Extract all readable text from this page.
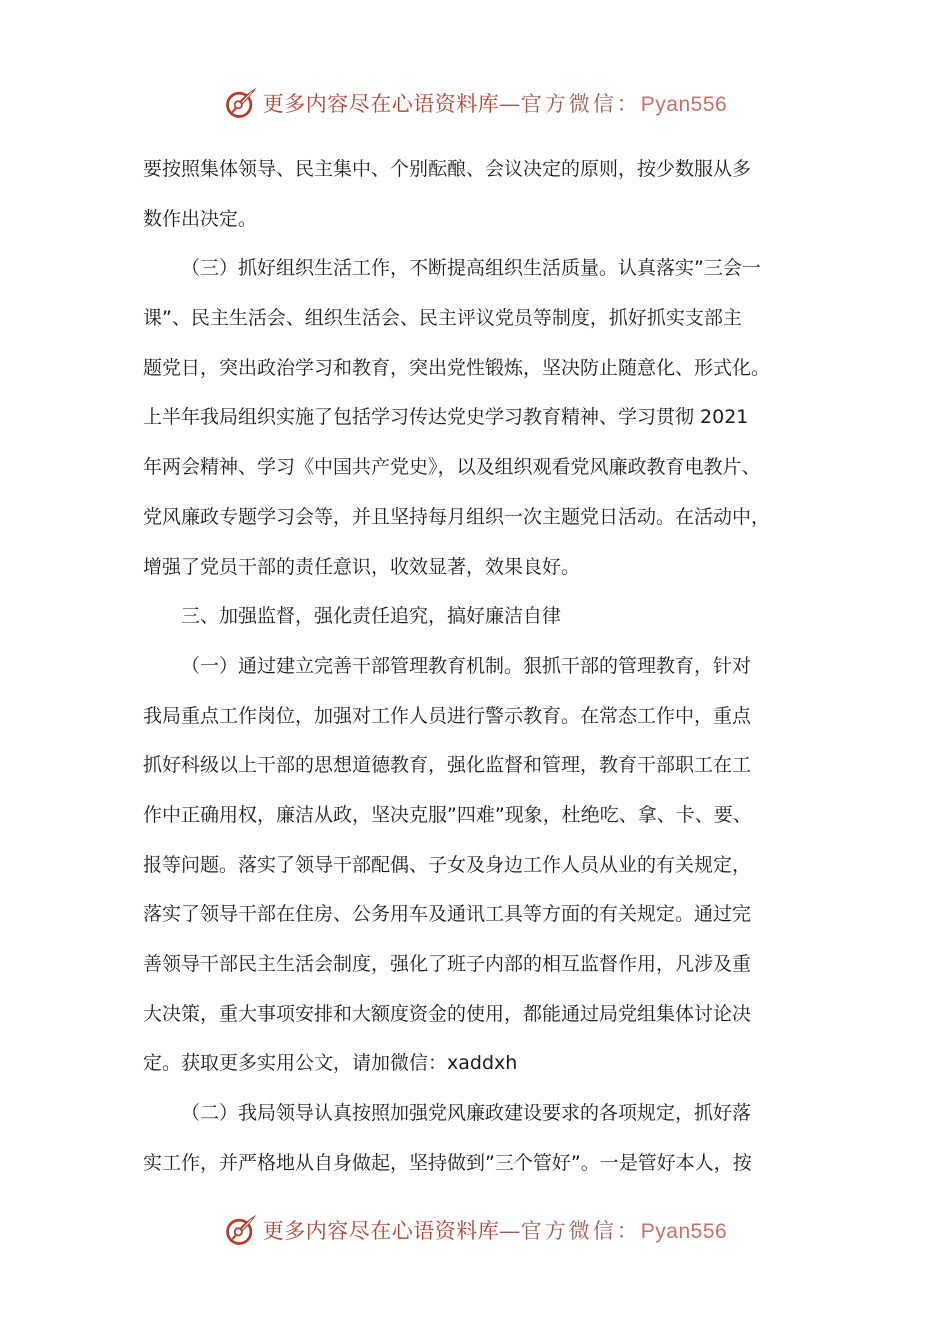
更多内容尽在心语资料库—官方微信：Pyan556
要按照集体领导、民主集中、个别酝酿、会议决定的原则，按少数服从多
数作出决定。
（三）抓好组织生活工作，不断提高组织生活质量。认真落实”三会一
课”、民主生活会、组织生活会、民主评议党员等制度，抓好抓实支部主
题党日，突出政治学习和教育，突出党性锻炼，坚决防止随意化、形式化。
上半年我局组织实施了包括学习传达党史学习教育精神、学习贯彻 2021
年两会精神、学习《中国共产党史》，以及组织观看党风廉政教育电教片、
党风廉政专题学习会等，并且坚持每月组织一次主题党日活动。在活动中，
增强了党员干部的责任意识，收效显著，效果良好。
三、加强监督，强化责任追究，搞好廉洁自律
（一）通过建立完善干部管理教育机制。狠抓干部的管理教育，针对
我局重点工作岗位，加强对工作人员进行警示教育。在常态工作中，重点
抓好科级以上干部的思想道德教育，强化监督和管理，教育干部职工在工
作中正确用权，廉洁从政，坚决克服”四难”现象，杜绝吃、拿、卡、要、
报等问题。落实了领导干部配偶、子女及身边工作人员从业的有关规定，
落实了领导干部在住房、公务用车及通讯工具等方面的有关规定。通过完
善领导干部民主生活会制度，强化了班子内部的相互监督作用，凡涉及重
大决策，重大事项安排和大额度资金的使用，都能通过局党组集体讨论决
定。获取更多实用公文，请加微信：xaddxh
（二）我局领导认真按照加强党风廉政建设要求的各项规定，抓好落
实工作，并严格地从自身做起，坚持做到”三个管好”。一是管好本人，按
更多内容尽在心语资料库—官方微信：Pyan556
